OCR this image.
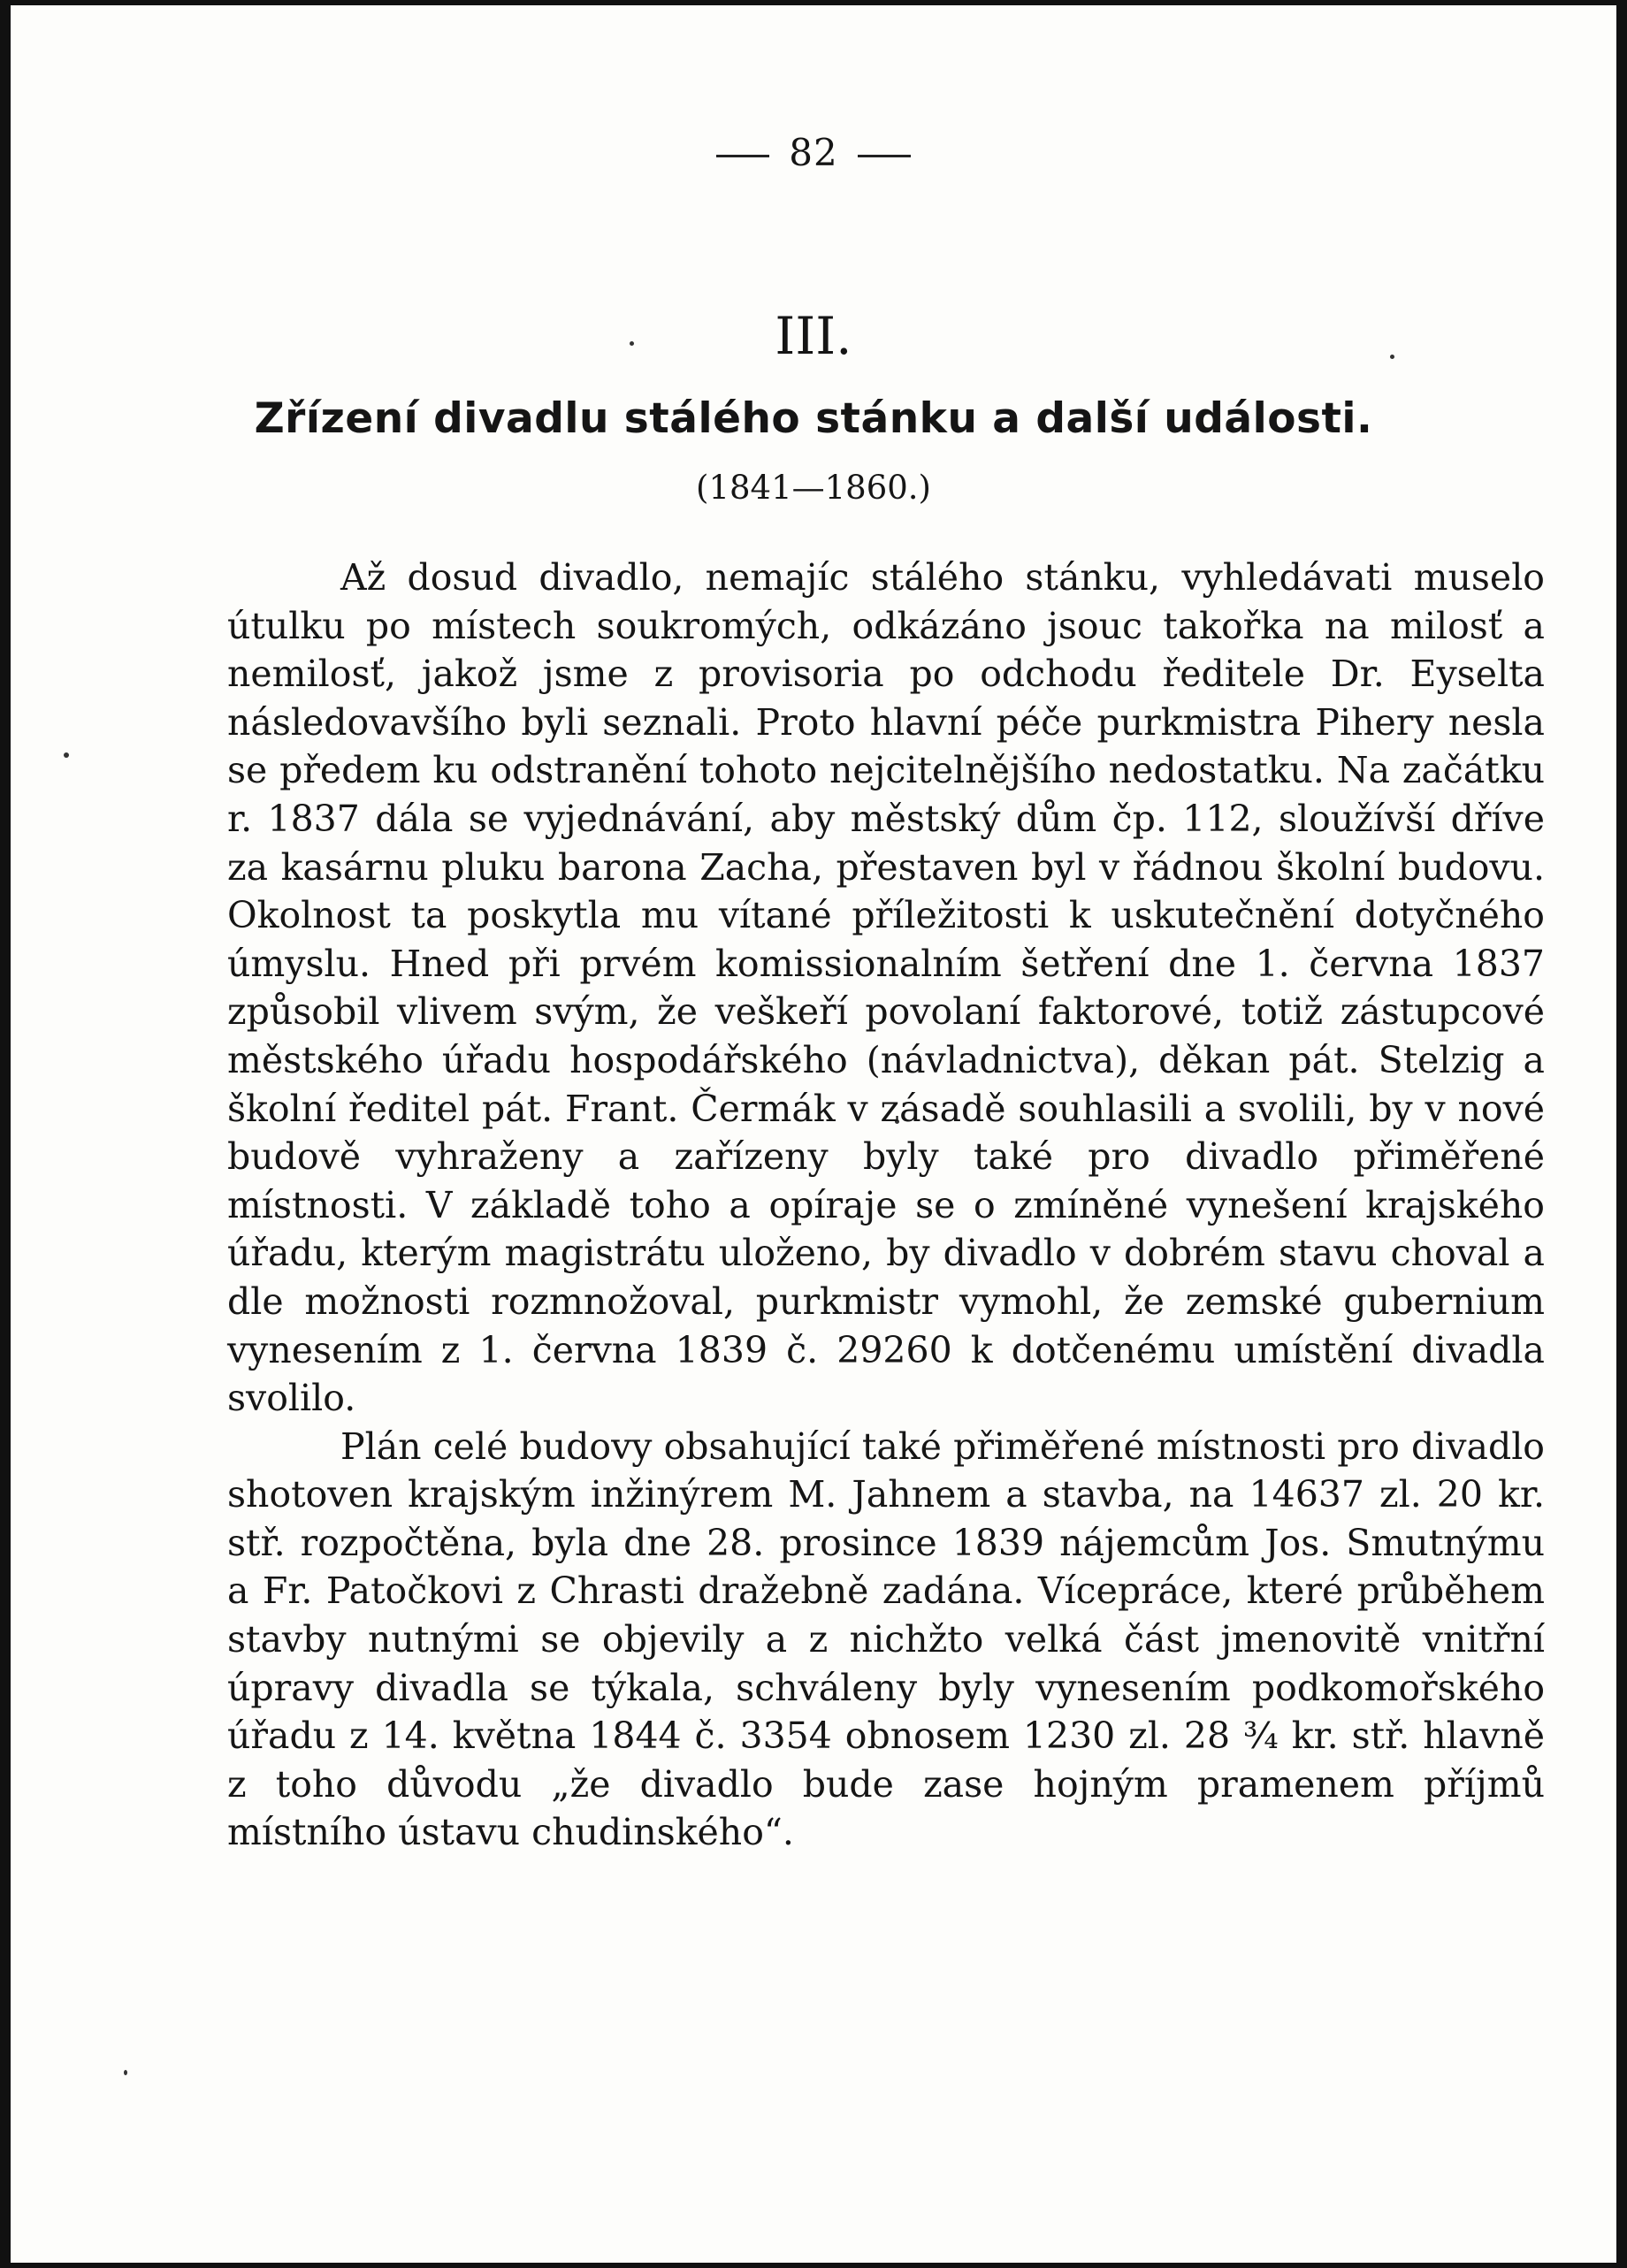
82
III.
Zřízení divadlu stálého stánku a další události.
(1841—1860.)

Až dosud divadlo, nemajíc stálého stánku, vyhledávati muselo útulku po místech soukromých, odkázáno jsouc takořka na milosť a nemilosť, jakož jsme z provisoria po odchodu ředitele Dr. Eyselta následovavšího byli seznali. Proto hlavní péče purkmistra Pihery nesla se předem ku odstranění tohoto nejcitelnějšího nedostatku. Na začátku r. 1837 dála se vyjednávání, aby městský dům čp. 112, sloužívší dříve za kasárnu pluku barona Zacha, přestaven byl v řádnou školní budovu. Okolnost ta poskytla mu vítané příležitosti k uskutečnění dotyčného úmyslu. Hned při prvém komissionalním šetření dne 1. června 1837 způsobil vlivem svým, že veškeří povolaní faktorové, totiž zástupcové městského úřadu hospodářského (návladnictva), děkan pát. Stelzig a školní ředitel pát. Frant. Čermák v zásadě souhlasili a svolili, by v nové budově vyhraženy a zařízeny byly také pro divadlo přiměřené místnosti. V základě toho a opíraje se o zmíněné vynešení krajského úřadu, kterým magistrátu uloženo, by divadlo v dobrém stavu choval a dle možnosti rozmnožoval, purkmistr vymohl, že zemské gubernium vynesením z 1. června 1839 č. 29260 k dotčenému umístění divadla svolilo.

Plán celé budovy obsahující také přiměřené místnosti pro divadlo shotoven krajským inžinýrem M. Jahnem a stavba, na 14637 zl. 20 kr. stř. rozpočtěna, byla dne 28. prosince 1839 nájemcům Jos. Smutnýmu a Fr. Patočkovi z Chrasti dražebně zadána. Vícepráce, které průběhem stavby nutnými se objevily a z nichžto velká část jmenovitě vnitřní úpravy divadla se týkala, schváleny byly vynesením podkomořského úřadu z 14. května 1844 č. 3354 obnosem 1230 zl. 28 ¾ kr. stř. hlavně z toho důvodu „že divadlo bude zase hojným pramenem příjmů místního ústavu chudinského“.
